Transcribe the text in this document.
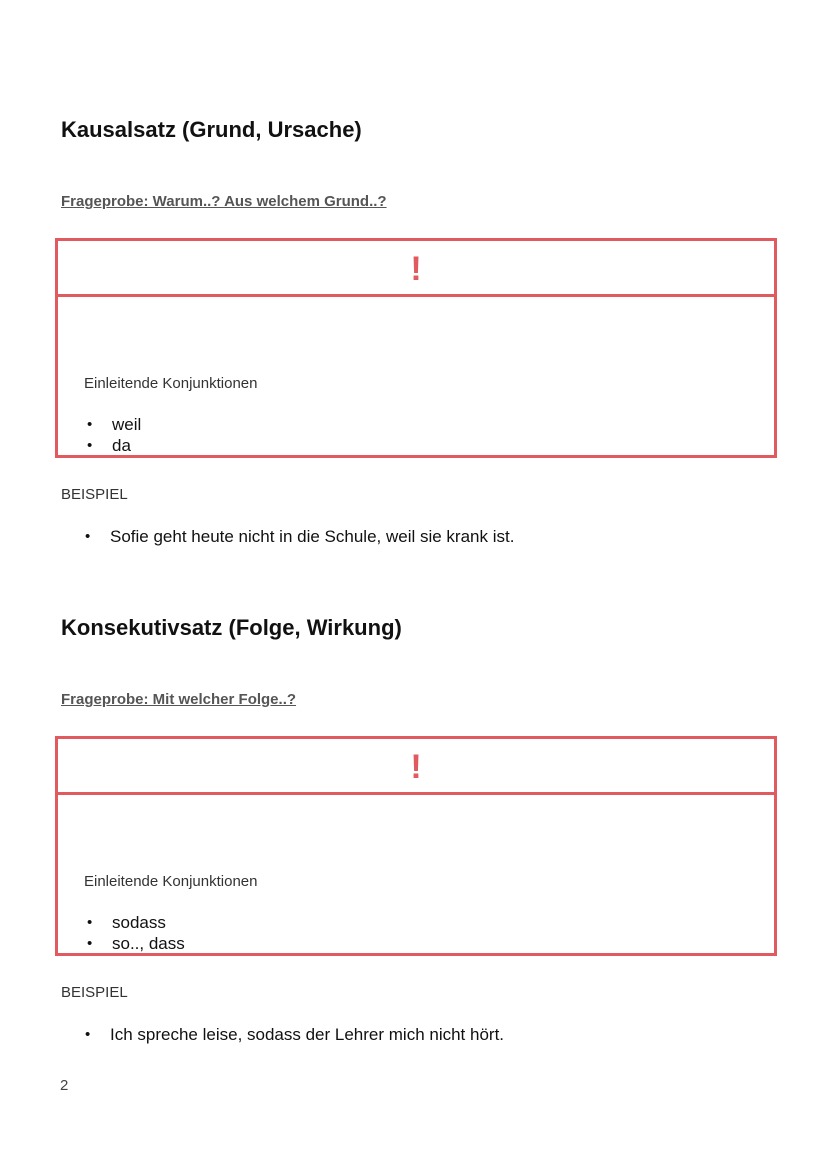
Kausalsatz (Grund, Ursache)

Frageprobe: Warum..? Aus welchem Grund..?

!
Einleitende Konjunktionen
• weil
• da
BEISPIEL
• Sofie geht heute nicht in die Schule, weil sie krank ist.
Konsekutivsatz (Folge, Wirkung)

Frageprobe: Mit welcher Folge..?

!
Einleitende Konjunktionen
• sodass
• so.., dass
BEISPIEL
• Ich spreche leise, sodass der Lehrer mich nicht hört.
2
